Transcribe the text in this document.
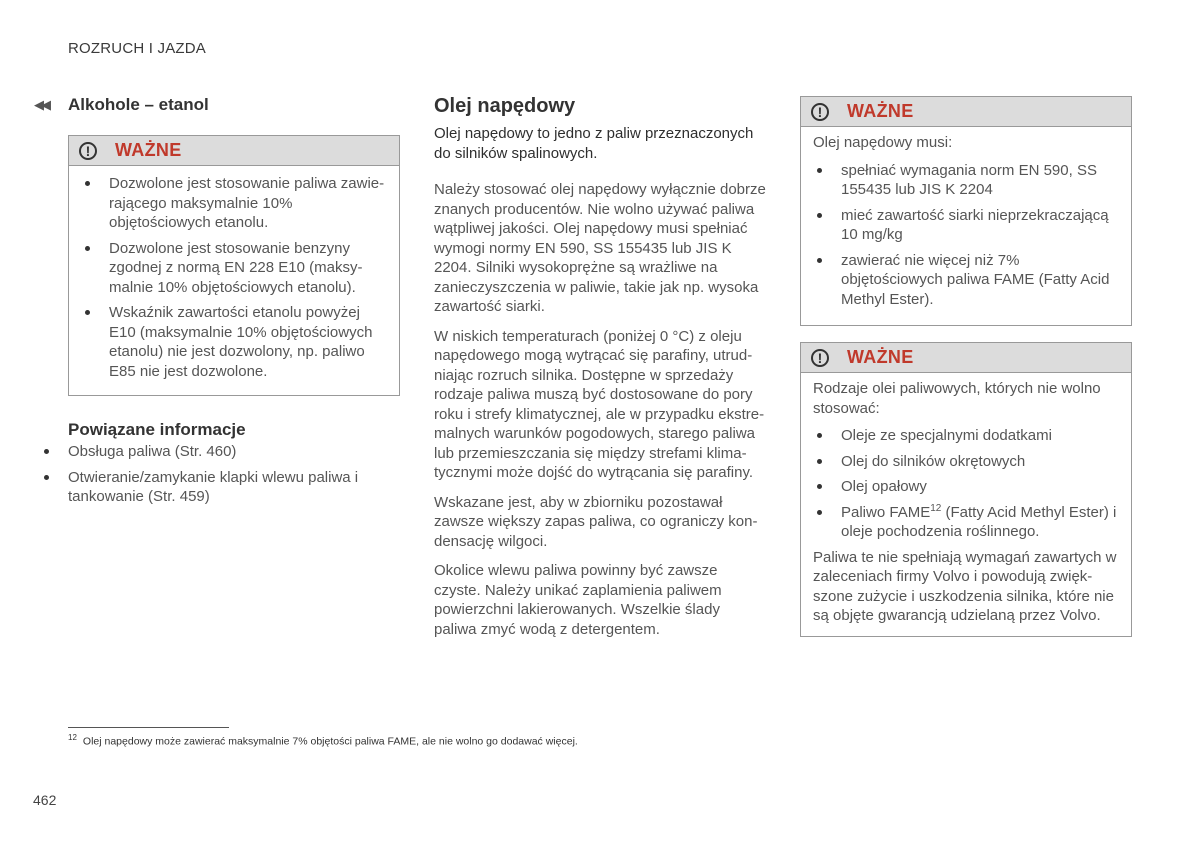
ROZRUCH I JAZDA
◀◀ Alkohole – etanol
!	WAŻNE
Dozwolone jest stosowanie paliwa zawie-rającego maksymalnie 10% objętościowych etanolu.
Dozwolone jest stosowanie benzyny zgodnej z normą EN 228 E10 (maksy-malnie 10% objętościowych etanolu).
Wskaźnik zawartości etanolu powyżej E10 (maksymalnie 10% objętościowych etanolu) nie jest dozwolony, np. paliwo E85 nie jest dozwolone.
Powiązane informacje
Obsługa paliwa (Str. 460)
Otwieranie/zamykanie klapki wlewu paliwa i tankowanie (Str. 459)
Olej napędowy

Olej napędowy to jedno z paliw przeznaczonych do silników spalinowych.

Należy stosować olej napędowy wyłącznie dobrze znanych producentów. Nie wolno używać paliwa wątpliwej jakości. Olej napędowy musi spełniać wymogi normy EN 590, SS 155435 lub JIS K 2204. Silniki wysokoprężne są wrażliwe na zanieczyszczenia w paliwie, takie jak np. wysoka zawartość siarki.

W niskich temperaturach (poniżej 0 °C) z oleju napędowego mogą wytrącać się parafiny, utrud-niając rozruch silnika. Dostępne w sprzedaży rodzaje paliwa muszą być dostosowane do pory roku i strefy klimatycznej, ale w przypadku ekstre-malnych warunków pogodowych, starego paliwa lub przemieszczania się między strefami klima-tycznymi może dojść do wytrącania się parafiny.

Wskazane jest, aby w zbiorniku pozostawał zawsze większy zapas paliwa, co ograniczy kon-densację wilgoci.

Okolice wlewu paliwa powinny być zawsze czyste. Należy unikać zaplamienia paliwem powierzchni lakierowanych. Wszelkie ślady paliwa zmyć wodą z detergentem.

!	WAŻNE

Olej napędowy musi:

spełniać wymagania norm EN 590, SS 155435 lub JIS K 2204
mieć zawartość siarki nieprzekraczającą 10 mg/kg
zawierać nie więcej niż 7% objętościowych paliwa FAME (Fatty Acid Methyl Ester).
!	WAŻNE

Rodzaje olei paliwowych, których nie wolno stosować:

Oleje ze specjalnymi dodatkami
Olej do silników okrętowych
Olej opałowy
Paliwo FAME$^{12}$ (Fatty Acid Methyl Ester) i oleje pochodzenia roślinnego.

Paliwa te nie spełniają wymagań zawartych w zaleceniach firmy Volvo i powodują zwięk-szone zużycie i uszkodzenia silnika, które nie są objęte gwarancją udzielaną przez Volvo.

$^{12}$ Olej napędowy może zawierać maksymalnie 7% objętości paliwa FAME, ale nie wolno go dodawać więcej.
462
